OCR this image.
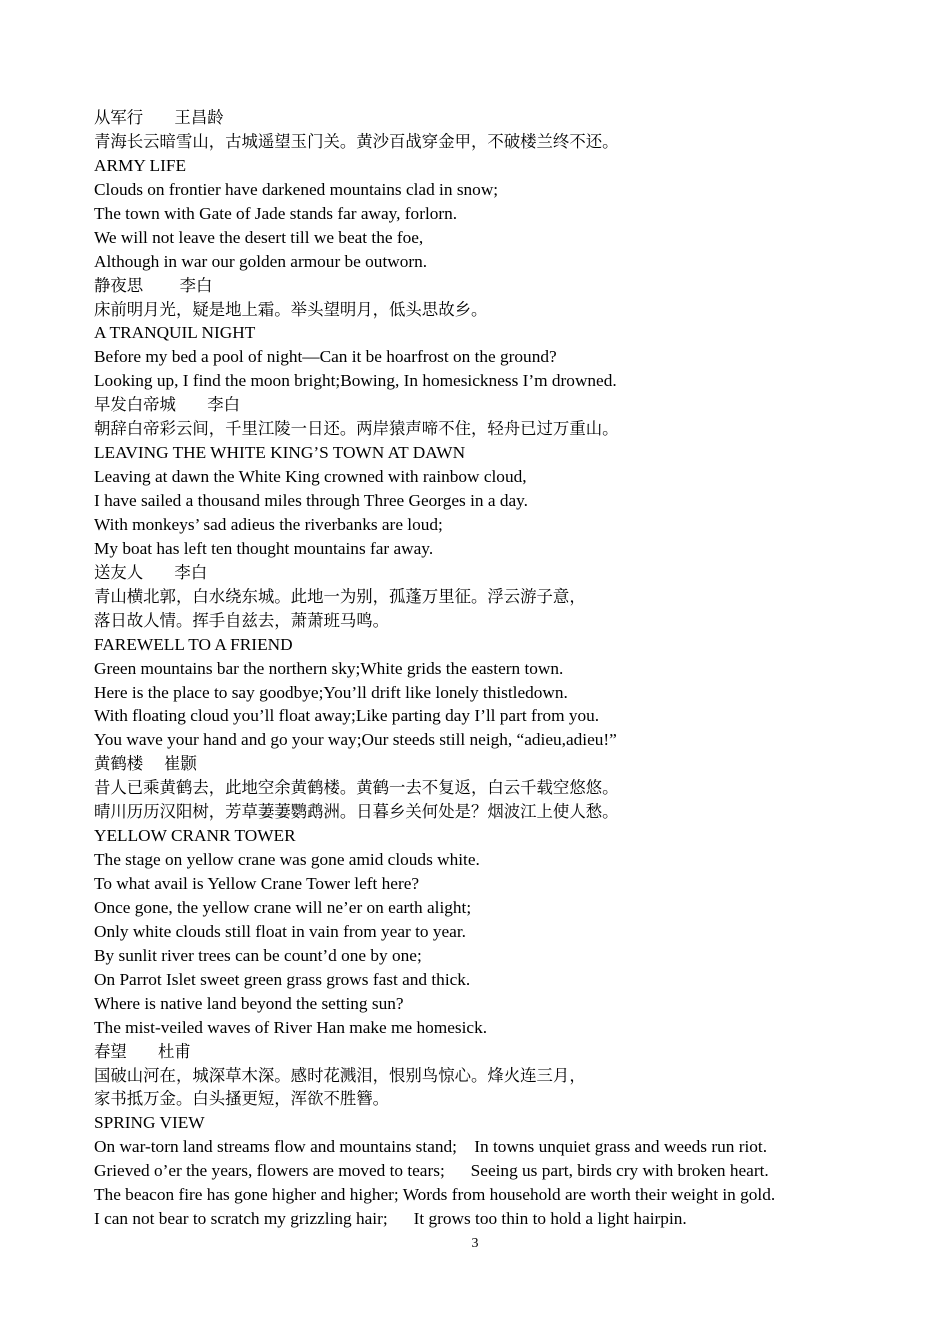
从军行      王昌龄
青海长云暗雪山，古城遥望玉门关。黄沙百战穿金甲，不破楼兰终不还。
ARMY LIFE
Clouds on frontier have darkened mountains clad in snow;
The town with Gate of Jade stands far away, forlorn.
We will not leave the desert till we beat the foe,
Although in war our golden armour be outworn.
静夜思       李白
床前明月光，疑是地上霜。举头望明月，低头思故乡。
A TRANQUIL NIGHT
Before my bed a pool of night—Can it be hoarfrost on the ground?
Looking up, I find the moon bright;Bowing, In homesickness I’m drowned.
早发白帝城      李白
朝辞白帝彩云间，千里江陵一日还。两岸猿声啼不住，轻舟已过万重山。
LEAVING THE WHITE KING’S TOWN AT DAWN
Leaving at dawn the White King crowned with rainbow cloud,
I have sailed a thousand miles through Three Georges in a day.
With monkeys’ sad adieus the riverbanks are loud;
My boat has left ten thought mountains far away.
送友人      李白
青山横北郭，白水绕东城。此地一为别，孤蓬万里征。浮云游子意，
落日故人情。挥手自兹去，萧萧班马鸣。
FAREWELL TO A FRIEND
Green mountains bar the northern sky;White grids the eastern town.
Here is the place to say goodbye;You’ll drift like lonely thistledown.
With floating cloud you’ll float away;Like parting day I’ll part from you.
You wave your hand and go your way;Our steeds still neigh, “adieu,adieu!”
黄鹤楼    崔颢
昔人已乘黄鹤去，此地空余黄鹤楼。黄鹤一去不复返，白云千载空悠悠。
晴川历历汉阳树，芳草萋萋鹦鹉洲。日暮乡关何处是？烟波江上使人愁。
YELLOW CRANR TOWER
The stage on yellow crane was gone amid clouds white.
To what avail is Yellow Crane Tower left here?
Once gone, the yellow crane will ne’er on earth alight;
Only white clouds still float in vain from year to year.
By sunlit river trees can be count’d one by one;
On Parrot Islet sweet green grass grows fast and thick.
Where is native land beyond the setting sun?
The mist-veiled waves of River Han make me homesick.
春望      杜甫
国破山河在，城深草木深。感时花溅泪，恨别鸟惊心。烽火连三月，
家书抵万金。白头搔更短，浑欲不胜簪。
SPRING VIEW
On war-torn land streams flow and mountains stand;    In towns unquiet grass and weeds run riot.
Grieved o’er the years, flowers are moved to tears;      Seeing us part, birds cry with broken heart.
The beacon fire has gone higher and higher; Words from household are worth their weight in gold.
I can not bear to scratch my grizzling hair;      It grows too thin to hold a light hairpin.
3
